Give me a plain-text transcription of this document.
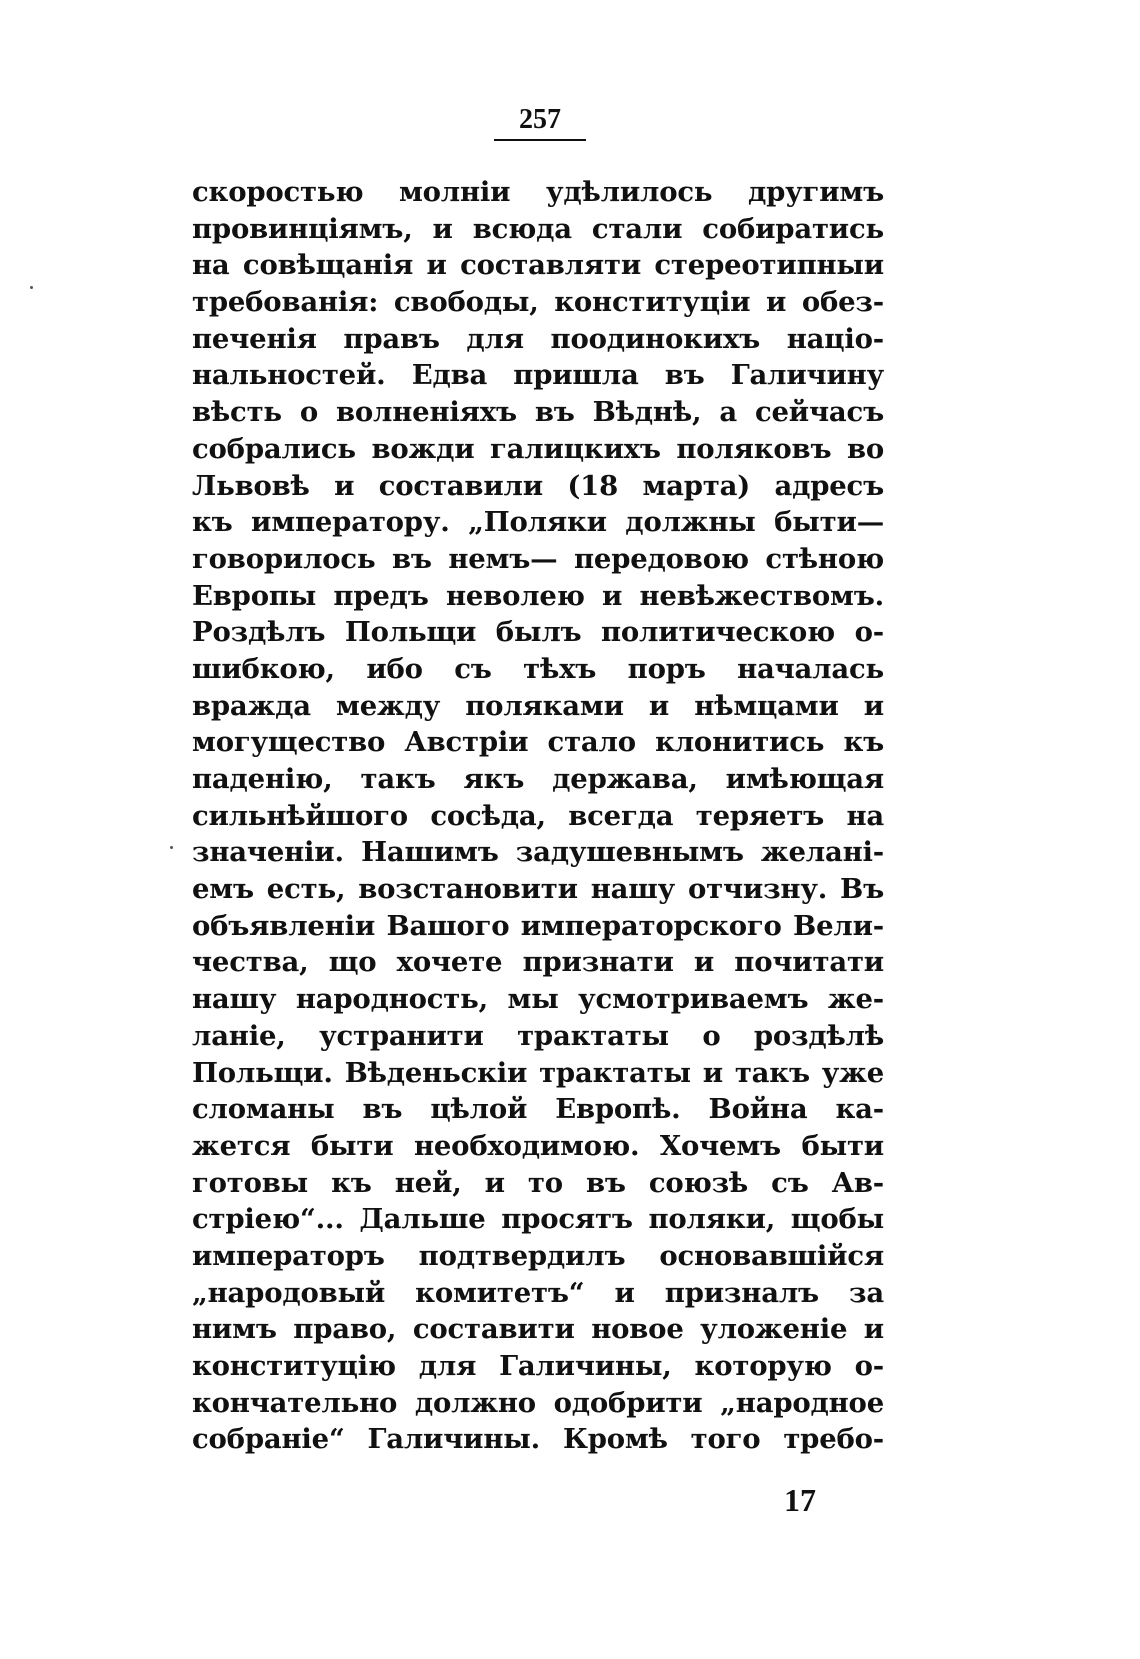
257
скоростью молніи удѣлилось другимъ
провинціямъ, и всюда стали собиратись
на совѣщанія и составляти стереотипныи
требованія: свободы, конституціи и обез-
печенія правъ для поодинокихъ націо-
нальностей. Едва пришла въ Галичину
вѣсть о волненіяхъ въ Вѣднѣ, а сейчасъ
собрались вожди галицкихъ поляковъ во
Львовѣ и составили (18 марта) адресъ
къ императору. „Поляки должны быти—
говорилось въ немъ— передовою стѣною
Европы предъ неволею и невѣжествомъ.
Роздѣлъ Польщи былъ политическою о-
шибкою, ибо съ тѣхъ поръ началась
вражда между поляками и нѣмцами и
могущество Австріи стало клонитись къ
паденію, такъ якъ держава, имѣющая
сильнѣйшого сосѣда, всегда теряетъ на
значеніи. Нашимъ задушевнымъ желані-
емъ есть, возстановити нашу отчизну. Въ
объявленіи Вашого императорского Вели-
чества, що хочете признати и почитати
нашу народность, мы усмотриваемъ же-
ланіе, устранити трактаты о роздѣлѣ
Польщи. Вѣденьскіи трактаты и такъ уже
сломаны въ цѣлой Европѣ. Война ка-
жется быти необходимою. Хочемъ быти
готовы къ ней, и то въ союзѣ съ Ав-
стріею“... Дальше просятъ поляки, щобы
императоръ подтвердилъ основавшійся
„народовый комитетъ“ и призналъ за
нимъ право, составити новое уложеніе и
конституцію для Галичины, которую о-
кончательно должно одобрити „народное
собраніе“ Галичины. Кромѣ того требо-
17
